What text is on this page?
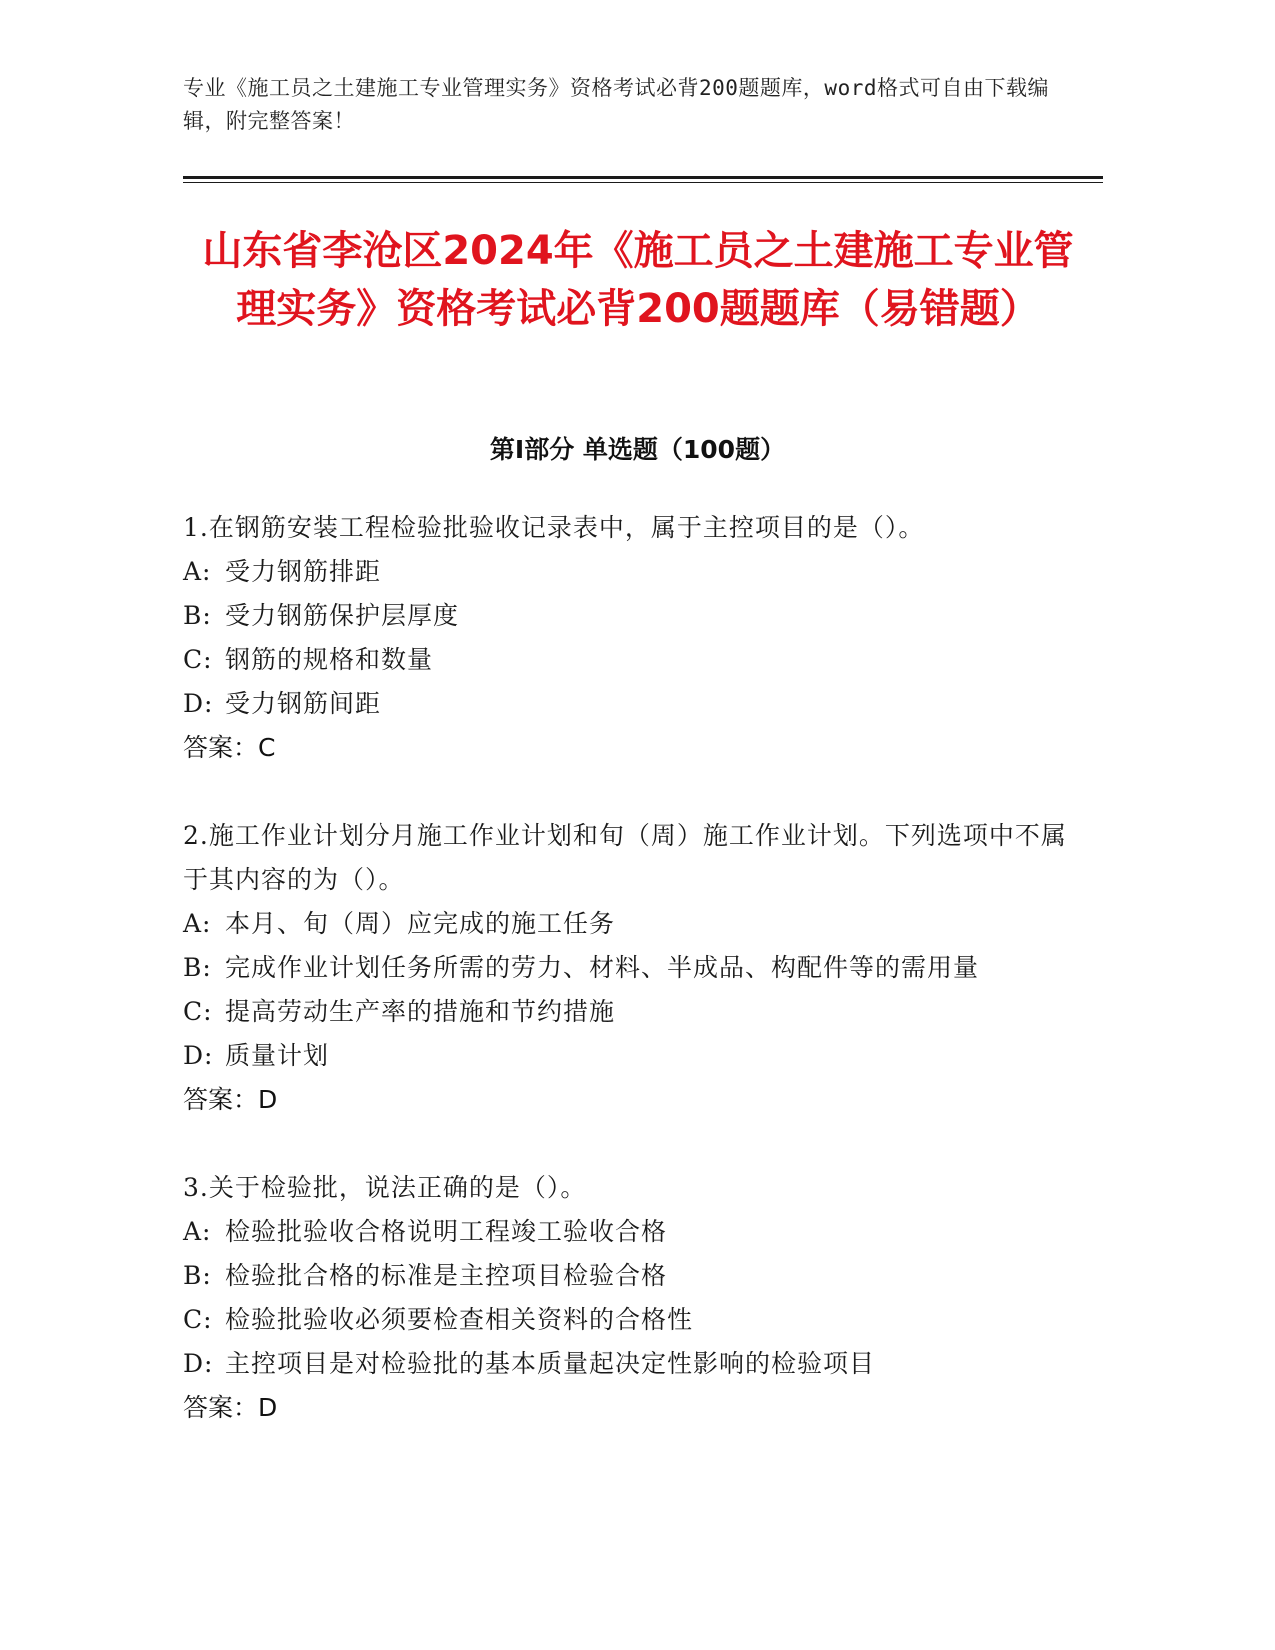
专业《施工员之土建施工专业管理实务》资格考试必背200题题库，word格式可自由下载编辑，附完整答案！
山东省李沧区2024年《施工员之土建施工专业管理实务》资格考试必背200题题库（易错题）
第Ⅰ部分 单选题（100题）
1.在钢筋安装工程检验批验收记录表中，属于主控项目的是（）。
A: 受力钢筋排距
B: 受力钢筋保护层厚度
C: 钢筋的规格和数量
D: 受力钢筋间距
答案：C
2.施工作业计划分月施工作业计划和旬（周）施工作业计划。下列选项中不属于其内容的为（）。
A: 本月、旬（周）应完成的施工任务
B: 完成作业计划任务所需的劳力、材料、半成品、构配件等的需用量
C: 提高劳动生产率的措施和节约措施
D: 质量计划
答案：D
3.关于检验批，说法正确的是（）。
A: 检验批验收合格说明工程竣工验收合格
B: 检验批合格的标准是主控项目检验合格
C: 检验批验收必须要检查相关资料的合格性
D: 主控项目是对检验批的基本质量起决定性影响的检验项目
答案：D
